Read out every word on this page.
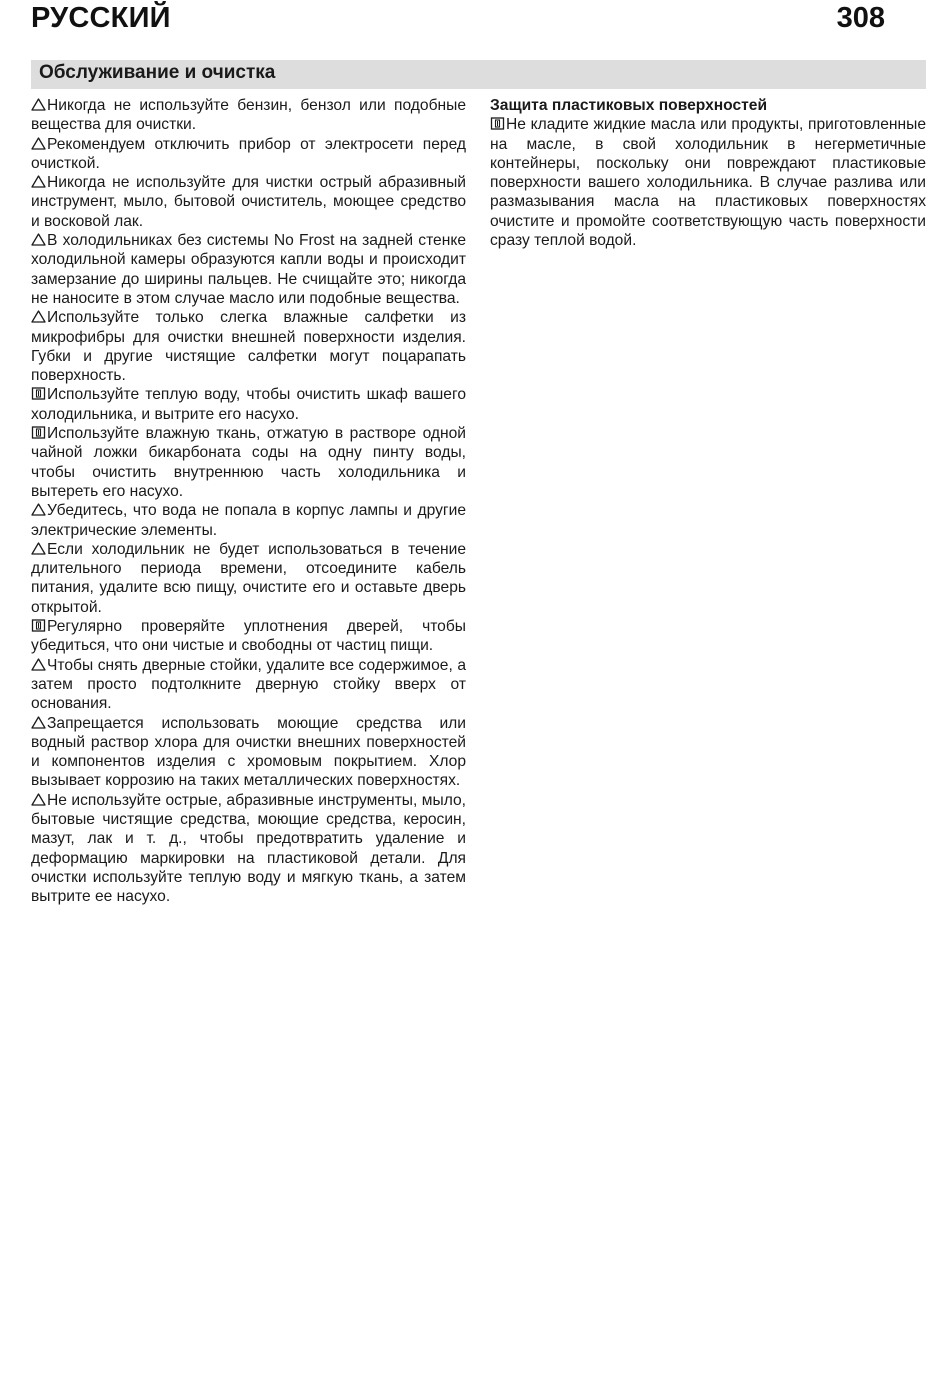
РУССКИЙ	308
Обслуживание и очистка

Никогда не используйте бензин, бензол или подобные вещества для очистки.

Рекомендуем отключить прибор от электросети перед очисткой.

Никогда не используйте для чистки острый абразивный инструмент, мыло, бытовой очиститель, моющее средство и восковой лак.

В холодильниках без системы No Frost на задней стенке холодильной камеры образуются капли воды и происходит замерзание до ширины пальцев. Не счищайте это; никогда не наносите в этом случае масло или подобные вещества.

Используйте только слегка влажные салфетки из микрофибры для очистки внешней поверхности изделия. Губки и другие чистящие салфетки могут поцарапать поверхность.

Используйте теплую воду, чтобы очистить шкаф вашего холодильника, и вытрите его насухо.

Используйте влажную ткань, отжатую в растворе одной чайной ложки бикарбоната соды на одну пинту воды, чтобы очистить внутреннюю часть холодильника и вытереть его насухо.

Убедитесь, что вода не попала в корпус лампы и другие электрические элементы.

Если холодильник не будет использоваться в течение длительного периода времени, отсоедините кабель питания, удалите всю пищу, очистите его и оставьте дверь открытой.

Регулярно проверяйте уплотнения дверей, чтобы убедиться, что они чистые и свободны от частиц пищи.

Чтобы снять дверные стойки, удалите все содержимое, а затем просто подтолкните дверную стойку вверх от основания.

Запрещается использовать моющие средства или водный раствор хлора для очистки внешних поверхностей и компонентов изделия с хромовым покрытием. Хлор вызывает коррозию на таких металлических поверхностях.

Не используйте острые, абразивные инструменты, мыло, бытовые чистящие средства, моющие средства, керосин, мазут, лак и т. д., чтобы предотвратить удаление и деформацию маркировки на пластиковой детали. Для очистки используйте теплую воду и мягкую ткань, а затем вытрите ее насухо.

Защита пластиковых поверхностей

Не кладите жидкие масла или продукты, приготовленные на масле, в свой холодильник в негерметичные контейнеры, поскольку они повреждают пластиковые поверхности вашего холодильника. В случае разлива или размазывания масла на пластиковых поверхностях очистите и промойте соответствующую часть поверхности сразу теплой водой.
